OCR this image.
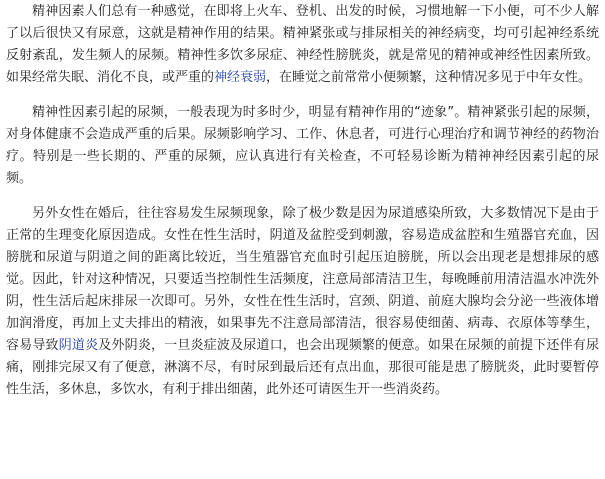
精神因素人们总有一种感觉，在即将上火车、登机、出发的时候，习惯地解一下小便，可不少人解了以后很快又有尿意，这就是精神作用的结果。精神紧张或与排尿相关的神经病变，均可引起神经系统反射紊乱，发生频人的尿频。精神性多饮多尿症、神经性膀胱炎，就是常见的精神或神经性因素所致。如果经常失眠、消化不良，或严重的神经衰弱，在睡觉之前常常小便频繁，这种情况多见于中年女性。

精神性因素引起的尿频，一般表现为时多时少，明显有精神作用的“迹象”。精神紧张引起的尿频，对身体健康不会造成严重的后果。尿频影响学习、工作、休息者，可进行心理治疗和调节神经的药物治疗。特别是一些长期的、严重的尿频，应认真进行有关检查，不可轻易诊断为精神神经因素引起的尿频。

另外女性在婚后，往往容易发生尿频现象，除了极少数是因为尿道感染所致，大多数情况下是由于正常的生理变化原因造成。女性在性生活时，阴道及盆腔受到刺激，容易造成盆腔和生殖器官充血，因膀胱和尿道与阴道之间的距离比较近，当生殖器官充血时引起压迫膀胱，所以会出现老是想排尿的感觉。因此，针对这种情况，只要适当控制性生活频度，注意局部清洁卫生，每晚睡前用清洁温水冲洗外阴，性生活后起床排尿一次即可。另外，女性在性生活时，宫颈、阴道、前庭大腺均会分泌一些液体增加润滑度，再加上丈夫排出的精液，如果事先不注意局部清洁，很容易使细菌、病毒、衣原体等孳生，容易导致阴道炎及外阴炎，一旦炎症波及尿道口，也会出现频繁的便意。如果在尿频的前提下还伴有尿痛，刚排完尿又有了便意，淋漓不尽，有时尿到最后还有点出血，那很可能是患了膀胱炎，此时要暂停性生活，多休息，多饮水，有利于排出细菌，此外还可请医生开一些消炎药。
